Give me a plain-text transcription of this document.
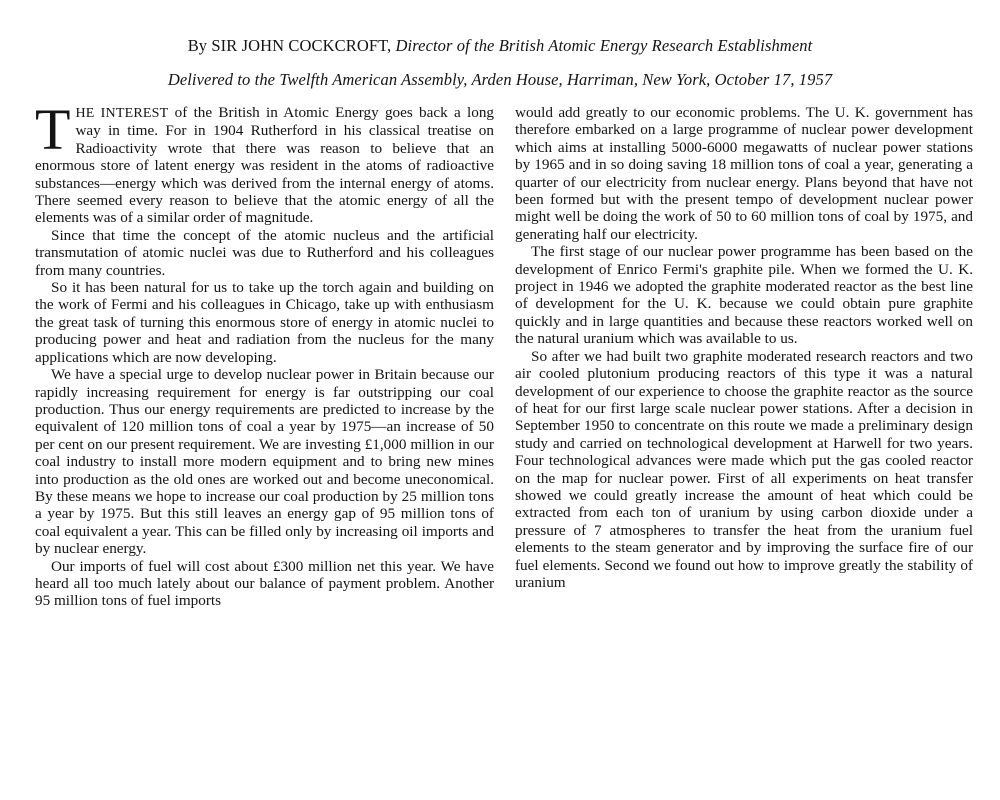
By SIR JOHN COCKCROFT, Director of the British Atomic Energy Research Establishment
Delivered to the Twelfth American Assembly, Arden House, Harriman, New York, October 17, 1957

THE INTEREST of the British in Atomic Energy goes back a long way in time. For in 1904 Rutherford in his classical treatise on Radioactivity wrote that there was reason to believe that an enormous store of latent energy was resident in the atoms of radioactive substances—energy which was derived from the internal energy of atoms. There seemed every reason to believe that the atomic energy of all the elements was of a similar order of magnitude.

Since that time the concept of the atomic nucleus and the artificial transmutation of atomic nuclei was due to Rutherford and his colleagues from many countries.

So it has been natural for us to take up the torch again and building on the work of Fermi and his colleagues in Chicago, take up with enthusiasm the great task of turning this enormous store of energy in atomic nuclei to producing power and heat and radiation from the nucleus for the many applications which are now developing.

We have a special urge to develop nuclear power in Britain because our rapidly increasing requirement for energy is far outstripping our coal production. Thus our energy requirements are predicted to increase by the equivalent of 120 million tons of coal a year by 1975—an increase of 50 per cent on our present requirement. We are investing £1,000 million in our coal industry to install more modern equipment and to bring new mines into production as the old ones are worked out and become uneconomical. By these means we hope to increase our coal production by 25 million tons a year by 1975. But this still leaves an energy gap of 95 million tons of coal equivalent a year. This can be filled only by increasing oil imports and by nuclear energy.

Our imports of fuel will cost about £300 million net this year. We have heard all too much lately about our balance of payment problem. Another 95 million tons of fuel imports

would add greatly to our economic problems. The U. K. government has therefore embarked on a large programme of nuclear power development which aims at installing 5000-6000 megawatts of nuclear power stations by 1965 and in so doing saving 18 million tons of coal a year, generating a quarter of our electricity from nuclear energy. Plans beyond that have not been formed but with the present tempo of development nuclear power might well be doing the work of 50 to 60 million tons of coal by 1975, and generating half our electricity.

The first stage of our nuclear power programme has been based on the development of Enrico Fermi's graphite pile. When we formed the U. K. project in 1946 we adopted the graphite moderated reactor as the best line of development for the U. K. because we could obtain pure graphite quickly and in large quantities and because these reactors worked well on the natural uranium which was available to us.

So after we had built two graphite moderated research reactors and two air cooled plutonium producing reactors of this type it was a natural development of our experience to choose the graphite reactor as the source of heat for our first large scale nuclear power stations. After a decision in September 1950 to concentrate on this route we made a preliminary design study and carried on technological development at Harwell for two years. Four technological advances were made which put the gas cooled reactor on the map for nuclear power. First of all experiments on heat transfer showed we could greatly increase the amount of heat which could be extracted from each ton of uranium by using carbon dioxide under a pressure of 7 atmospheres to transfer the heat from the uranium fuel elements to the steam generator and by improving the surface fire of our fuel elements. Second we found out how to improve greatly the stability of uranium
